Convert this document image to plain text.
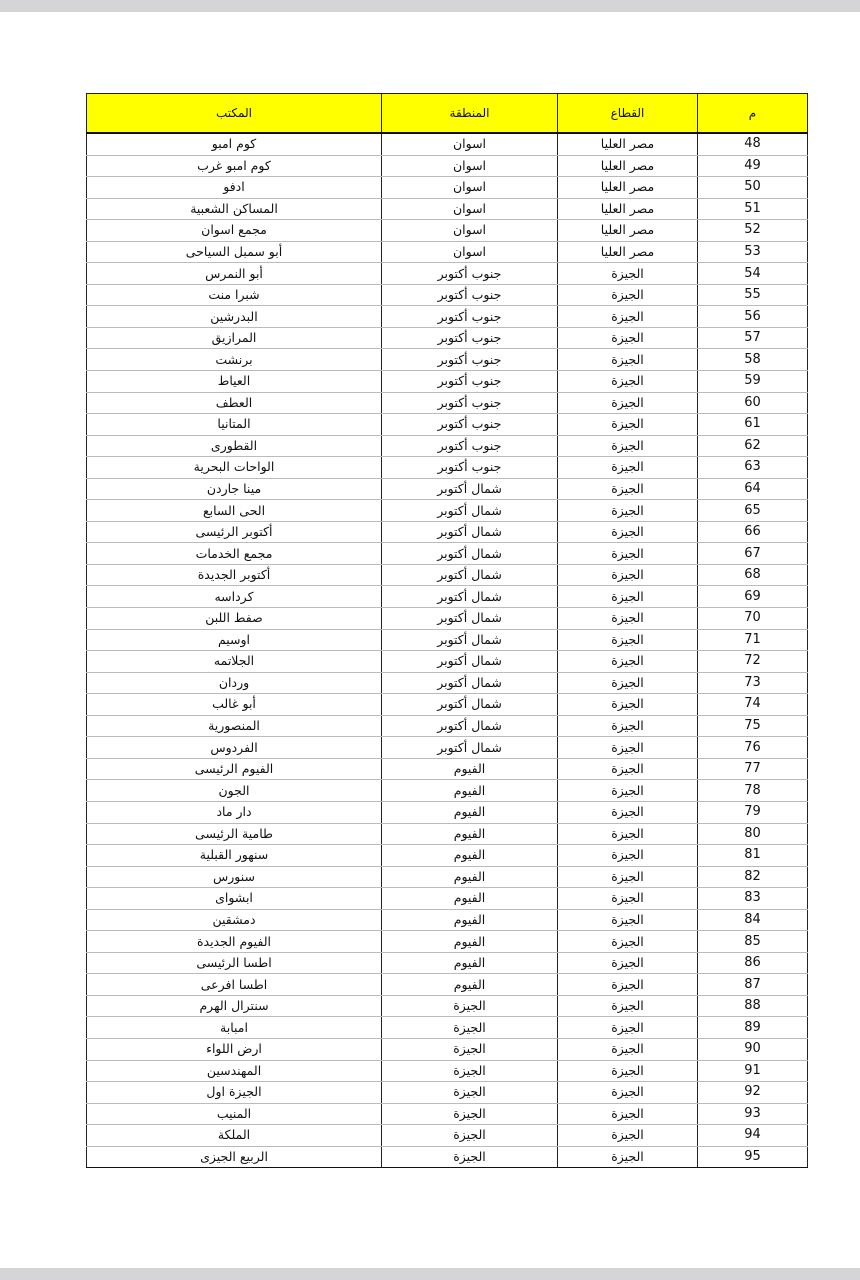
م	القطاع	المنطقة	المكتب
48	مصر العليا	اسوان	كوم امبو
49	مصر العليا	اسوان	كوم امبو غرب
50	مصر العليا	اسوان	ادفو
51	مصر العليا	اسوان	المساكن الشعبية
52	مصر العليا	اسوان	مجمع اسوان
53	مصر العليا	اسوان	أبو سمبل السياحى
54	الجيزة	جنوب أكتوبر	أبو النمرس
55	الجيزة	جنوب أكتوبر	شبرا منت
56	الجيزة	جنوب أكتوبر	البدرشين
57	الجيزة	جنوب أكتوبر	المرازيق
58	الجيزة	جنوب أكتوبر	برنشت
59	الجيزة	جنوب أكتوبر	العياط
60	الجيزة	جنوب أكتوبر	العطف
61	الجيزة	جنوب أكتوبر	المتانيا
62	الجيزة	جنوب أكتوبر	القطورى
63	الجيزة	جنوب أكتوبر	الواحات البحرية
64	الجيزة	شمال أكتوبر	مينا جاردن
65	الجيزة	شمال أكتوبر	الحى السابع
66	الجيزة	شمال أكتوبر	أكتوبر الرئيسى
67	الجيزة	شمال أكتوبر	مجمع الخدمات
68	الجيزة	شمال أكتوبر	أكتوبر الجديدة
69	الجيزة	شمال أكتوبر	كرداسه
70	الجيزة	شمال أكتوبر	صفط اللبن
71	الجيزة	شمال أكتوبر	اوسيم
72	الجيزة	شمال أكتوبر	الجلاتمه
73	الجيزة	شمال أكتوبر	وردان
74	الجيزة	شمال أكتوبر	أبو غالب
75	الجيزة	شمال أكتوبر	المنصورية
76	الجيزة	شمال أكتوبر	الفردوس
77	الجيزة	الفيوم	الفيوم الرئيسى
78	الجيزة	الفيوم	الجون
79	الجيزة	الفيوم	دار ماد
80	الجيزة	الفيوم	طامية الرئيسى
81	الجيزة	الفيوم	سنهور القبلية
82	الجيزة	الفيوم	سنورس
83	الجيزة	الفيوم	ابشواى
84	الجيزة	الفيوم	دمشقين
85	الجيزة	الفيوم	الفيوم الجديدة
86	الجيزة	الفيوم	اطسا الرئيسى
87	الجيزة	الفيوم	اطسا افرعى
88	الجيزة	الجيزة	سنترال الهرم
89	الجيزة	الجيزة	امبابة
90	الجيزة	الجيزة	ارض اللواء
91	الجيزة	الجيزة	المهندسين
92	الجيزة	الجيزة	الجيزة اول
93	الجيزة	الجيزة	المنيب
94	الجيزة	الجيزة	الملكة
95	الجيزة	الجيزة	الربيع الجيزى
